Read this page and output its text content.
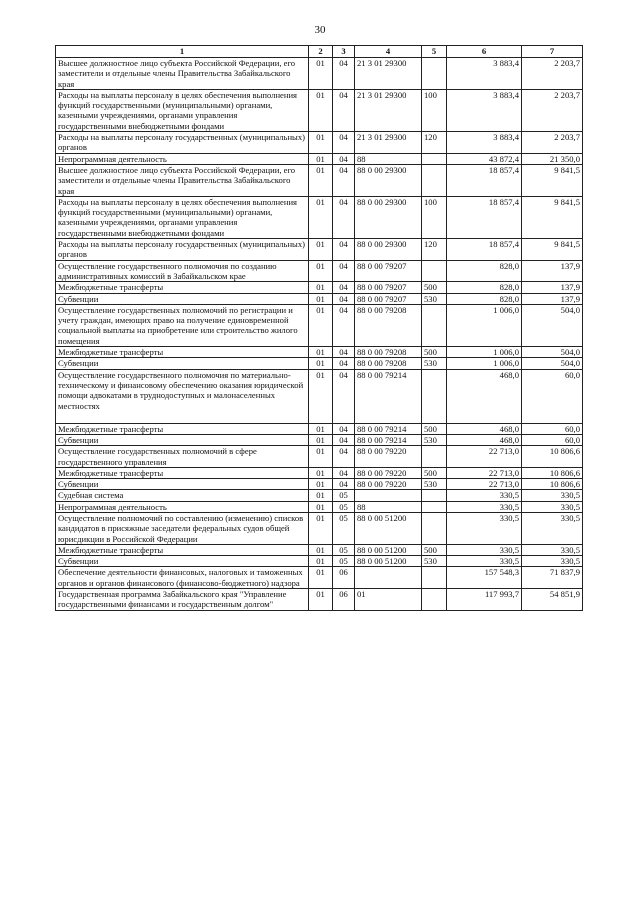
30
1	2	3	4	5	6	7
Высшее должностное лицо субъекта Российской Федерации, его заместители и отдельные члены Правительства Забайкальского края	01	04	21 3 01 29300		3 883,4	2 203,7
Расходы на выплаты персоналу в целях обеспечения выполнения функций государственными (муниципальными) органами, казенными учреждениями, органами управления государственными внебюджетными фондами	01	04	21 3 01 29300	100	3 883,4	2 203,7
Расходы на выплаты персоналу государственных (муниципальных) органов	01	04	21 3 01 29300	120	3 883,4	2 203,7
Непрограммная деятельность	01	04	88		43 872,4	21 350,0
Высшее должностное лицо субъекта Российской Федерации, его заместители и отдельные члены Правительства Забайкальского края	01	04	88 0 00 29300		18 857,4	9 841,5
Расходы на выплаты персоналу в целях обеспечения выполнения функций государственными (муниципальными) органами, казенными учреждениями, органами управления государственными внебюджетными фондами	01	04	88 0 00 29300	100	18 857,4	9 841,5
Расходы на выплаты персоналу государственных (муниципальных) органов	01	04	88 0 00 29300	120	18 857,4	9 841,5
Осуществление государственного полномочия по созданию административных комиссий в Забайкальском крае	01	04	88 0 00 79207		828,0	137,9
Межбюджетные трансферты	01	04	88 0 00 79207	500	828,0	137,9
Субвенции	01	04	88 0 00 79207	530	828,0	137,9
Осуществление государственных полномочий по регистрации и учету граждан, имеющих право на получение единовременной социальной выплаты на приобретение или строительство жилого помещения	01	04	88 0 00 79208		1 006,0	504,0
Межбюджетные трансферты	01	04	88 0 00 79208	500	1 006,0	504,0
Субвенции	01	04	88 0 00 79208	530	1 006,0	504,0
Осуществление государственного полномочия по материально-техническому и финансовому обеспечению оказания юридической помощи адвокатами в труднодоступных и малонаселенных местностях	01	04	88 0 00 79214		468,0	60,0
Межбюджетные трансферты	01	04	88 0 00 79214	500	468,0	60,0
Субвенции	01	04	88 0 00 79214	530	468,0	60,0
Осуществление государственных полномочий в сфере государственного управления	01	04	88 0 00 79220		22 713,0	10 806,6
Межбюджетные трансферты	01	04	88 0 00 79220	500	22 713,0	10 806,6
Субвенции	01	04	88 0 00 79220	530	22 713,0	10 806,6
Судебная система	01	05			330,5	330,5
Непрограммная деятельность	01	05	88		330,5	330,5
Осуществление полномочий по составлению (изменению) списков кандидатов в присяжные заседатели федеральных судов общей юрисдикции в Российской Федерации	01	05	88 0 00 51200		330,5	330,5
Межбюджетные трансферты	01	05	88 0 00 51200	500	330,5	330,5
Субвенции	01	05	88 0 00 51200	530	330,5	330,5
Обеспечение деятельности финансовых, налоговых и таможенных органов и органов финансового (финансово-бюджетного) надзора	01	06			157 548,3	71 837,9
Государственная программа Забайкальского края "Управление государственными финансами и государственным долгом"	01	06	01		117 993,7	54 851,9
